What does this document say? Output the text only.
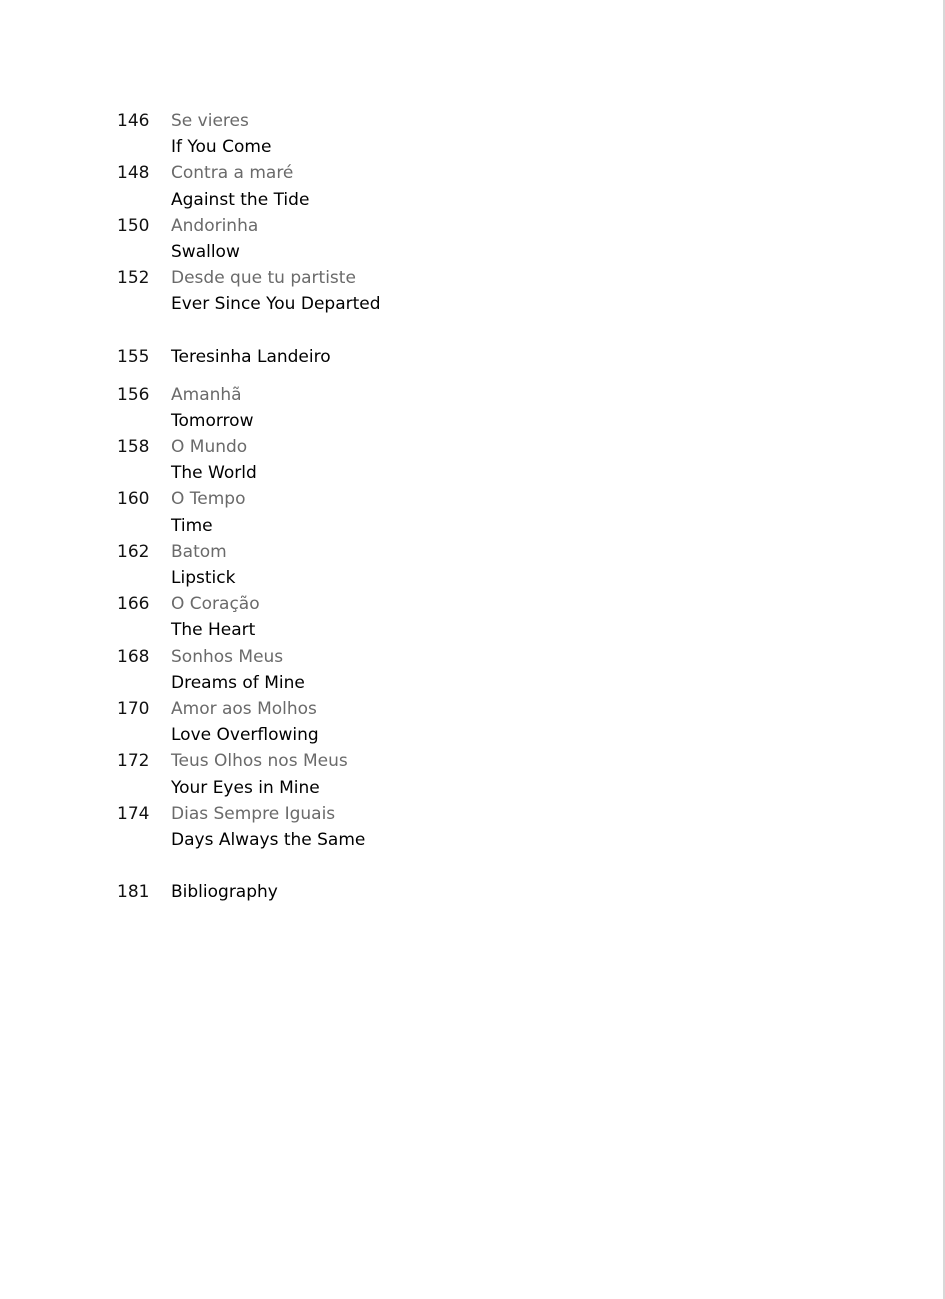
146	Se vieres
If You Come
148	Contra a maré
Against the Tide
150	Andorinha
Swallow
152	Desde que tu partiste
Ever Since You Departed
155	Teresinha Landeiro
156	Amanhã
Tomorrow
158	O Mundo
The World
160	O Tempo
Time
162	Batom
Lipstick
166	O Coração
The Heart
168	Sonhos Meus
Dreams of Mine
170	Amor aos Molhos
Love Overflowing
172	Teus Olhos nos Meus
Your Eyes in Mine
174	Dias Sempre Iguais
Days Always the Same
181	Bibliography
